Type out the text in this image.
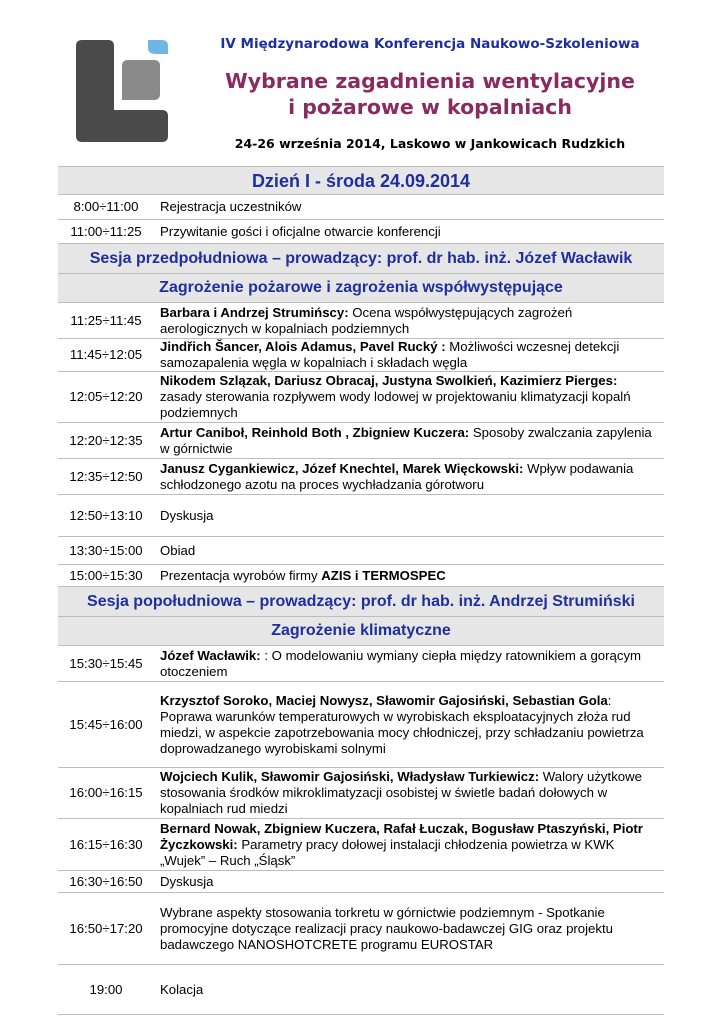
IV Międzynarodowa Konferencja Naukowo-Szkoleniowa
Wybrane zagadnienia wentylacyjne
i pożarowe w kopalniach
24-26 września 2014, Laskowo w Jankowicach Rudzkich
Dzień I - środa 24.09.2014	
8:00÷11:00	Rejestracja uczestników
11:00÷11:25	Przywitanie gości i oficjalne otwarcie konferencji
Sesja przedpołudniowa – prowadzący: prof. dr hab. inż. Józef Wacławik	
Zagrożenie pożarowe i zagrożenia współwystępujące	
11:25÷11:45	Barbara i Andrzej Strumińscy: Ocena współwystępujących zagrożeń aerologicznych w kopalniach podziemnych
11:45÷12:05	Jindřich Šancer, Alois Adamus, Pavel Rucký : Możliwości wczesnej detekcji samozapalenia węgla w kopalniach i składach węgla
12:05÷12:20	Nikodem Szlązak, Dariusz Obracaj, Justyna Swolkień, Kazimierz Pierges: zasady sterowania rozpływem wody lodowej w projektowaniu klimatyzacji kopalń podziemnych
12:20÷12:35	Artur Caniboł, Reinhold Both , Zbigniew Kuczera: Sposoby zwalczania zapylenia w górnictwie
12:35÷12:50	Janusz Cygankiewicz, Józef Knechtel, Marek Więckowski: Wpływ podawania schłodzonego azotu na proces wychładzania górotworu
12:50÷13:10	Dyskusja
13:30÷15:00	Obiad
15:00÷15:30	Prezentacja wyrobów firmy AZIS i TERMOSPEC
Sesja popołudniowa – prowadzący: prof. dr hab. inż. Andrzej Strumiński	
Zagrożenie klimatyczne	
15:30÷15:45	Józef Wacławik: : O modelowaniu wymiany ciepła między ratownikiem a gorącym otoczeniem
15:45÷16:00	Krzysztof Soroko, Maciej Nowysz, Sławomir Gajosiński, Sebastian Gola: Poprawa warunków temperaturowych w wyrobiskach eksploatacyjnych złoża rud miedzi, w aspekcie zapotrzebowania mocy chłodniczej, przy schładzaniu powietrza doprowadzanego wyrobiskami solnymi
16:00÷16:15	Wojciech Kulik, Sławomir Gajosiński, Władysław Turkiewicz: Walory użytkowe stosowania środków mikroklimatyzacji osobistej w świetle badań dołowych w kopalniach rud miedzi
16:15÷16:30	Bernard Nowak, Zbigniew Kuczera, Rafał Łuczak, Bogusław Ptaszyński, Piotr Życzkowski: Parametry pracy dołowej instalacji chłodzenia powietrza w KWK „Wujek” – Ruch „Śląsk”
16:30÷16:50	Dyskusja
16:50÷17:20	Wybrane aspekty stosowania torkretu w górnictwie podziemnym - Spotkanie promocyjne dotyczące realizacji pracy naukowo-badawczej GIG oraz projektu badawczego NANOSHOTCRETE programu EUROSTAR
19:00	Kolacja
